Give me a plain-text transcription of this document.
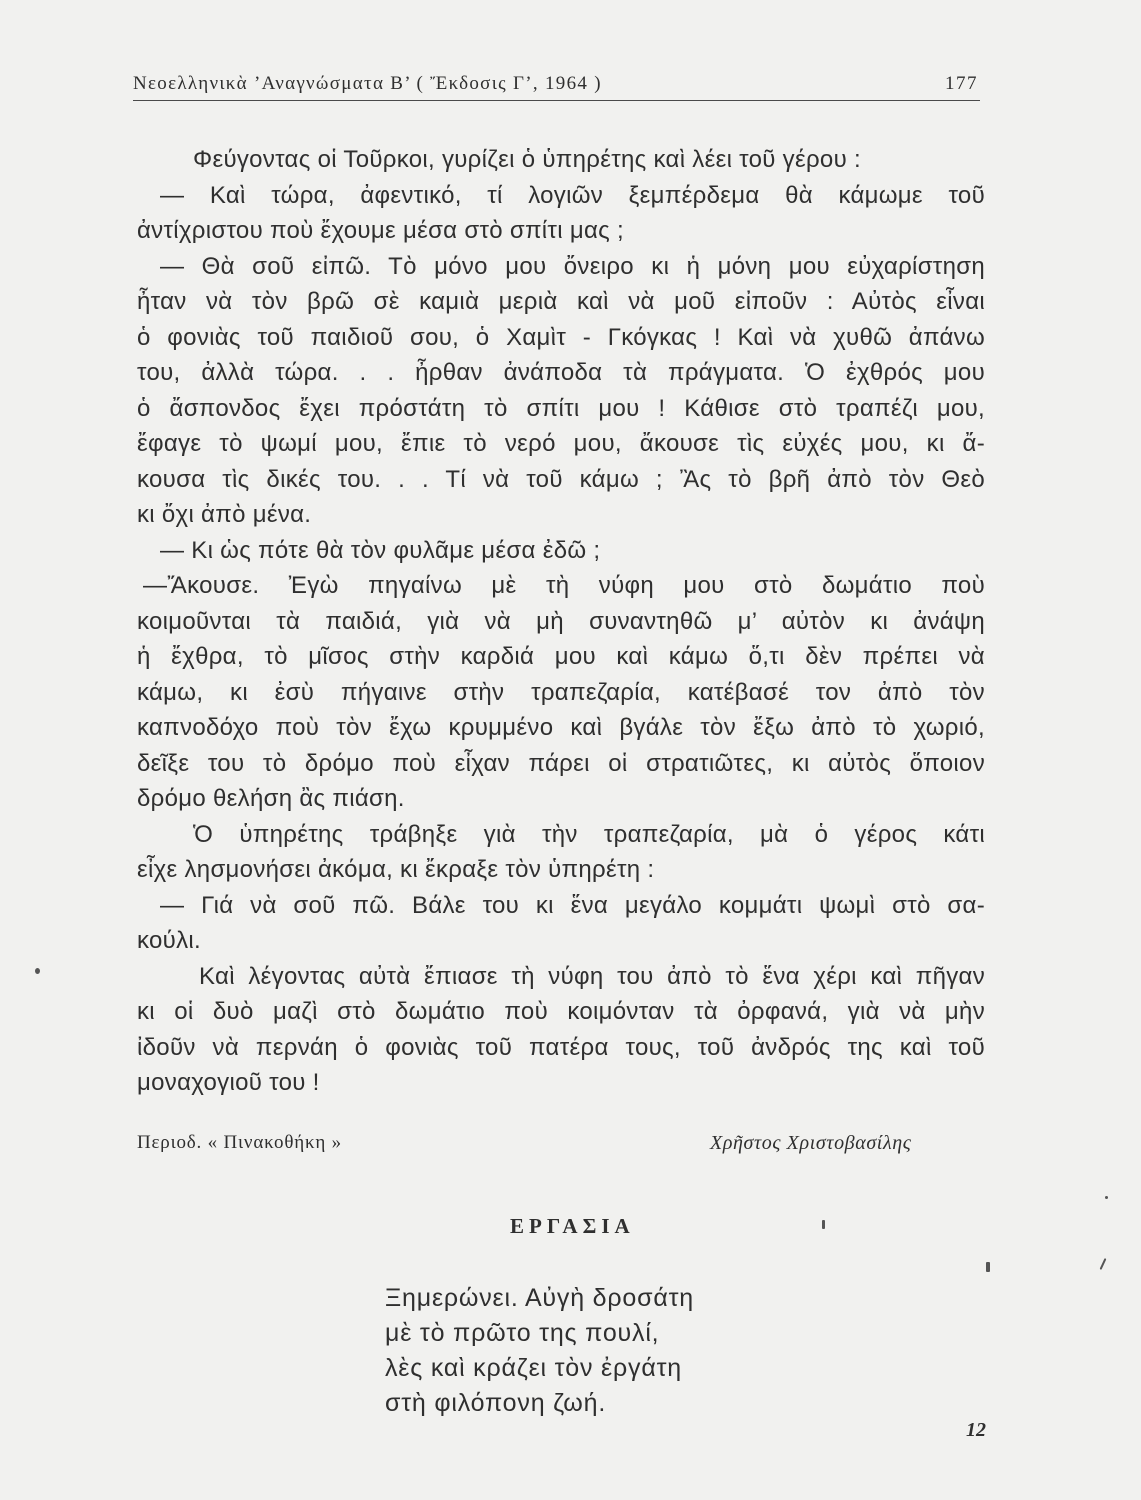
Νεοελληνικὰ ’Αναγνώσματα Β’ ( Ἔκδοσις Γ’, 1964 )	177
Φεύγοντας οἱ Τοῦρκοι, γυρίζει ὁ ὑπηρέτης καὶ λέει τοῦ γέρου :
— Καὶ τώρα, ἀφεντικό, τί λογιῶν ξεμπέρδεμα θὰ κάμωμε τοῦ
ἀντίχριστου ποὺ ἔχουμε μέσα στὸ σπίτι μας ;
— Θὰ σοῦ εἰπῶ. Τὸ μόνο μου ὄνειρο κι ἡ μόνη μου εὐχαρίστηση
ἦταν νὰ τὸν βρῶ σὲ καμιὰ μεριὰ καὶ νὰ μοῦ εἰποῦν : Αὐτὸς εἶναι
ὁ φονιὰς τοῦ παιδιοῦ σου, ὁ Χαμὶτ - Γκόγκας ! Καὶ νὰ χυθῶ ἀπάνω
του, ἀλλὰ τώρα. . . ἦρθαν ἀνάποδα τὰ πράγματα. Ὁ ἐχθρός μου
ὁ ἄσπονδος ἔχει πρόστάτη τὸ σπίτι μου ! Κάθισε στὸ τραπέζι μου,
ἔφαγε τὸ ψωμί μου, ἔπιε τὸ νερό μου, ἄκουσε τὶς εὐχές μου, κι ἄ-
κουσα τὶς δικές του. . . Τί νὰ τοῦ κάμω ; Ἂς τὸ βρῆ ἀπὸ τὸν Θεὸ
κι ὄχι ἀπὸ μένα.
— Κι ὡς πότε θὰ τὸν φυλᾶμε μέσα ἐδῶ ;
—Ἄκουσε. Ἐγὼ πηγαίνω μὲ τὴ νύφη μου στὸ δωμάτιο ποὺ
κοιμοῦνται τὰ παιδιά, γιὰ νὰ μὴ συναντηθῶ μ’ αὐτὸν κι ἀνάψη
ἡ ἔχθρα, τὸ μῖσος στὴν καρδιά μου καὶ κάμω ὅ,τι δὲν πρέπει νὰ
κάμω, κι ἐσὺ πήγαινε στὴν τραπεζαρία, κατέβασέ τον ἀπὸ τὸν
καπνοδόχο ποὺ τὸν ἔχω κρυμμένο καὶ βγάλε τὸν ἔξω ἀπὸ τὸ χωριό,
δεῖξε του τὸ δρόμο ποὺ εἶχαν πάρει οἱ στρατιῶτες, κι αὐτὸς ὅποιον
δρόμο θελήση ἂς πιάση.
Ὁ ὑπηρέτης τράβηξε γιὰ τὴν τραπεζαρία, μὰ ὁ γέρος κάτι
εἶχε λησμονήσει ἀκόμα, κι ἔκραξε τὸν ὑπηρέτη :
— Γιά νὰ σοῦ πῶ. Βάλε του κι ἕνα μεγάλο κομμάτι ψωμὶ στὸ σα-
κούλι.
Καὶ λέγοντας αὐτὰ ἔπιασε τὴ νύφη του ἀπὸ τὸ ἕνα χέρι καὶ πῆγαν
κι οἱ δυὸ μαζὶ στὸ δωμάτιο ποὺ κοιμόνταν τὰ ὀρφανά, γιὰ νὰ μὴν
ἰδοῦν νὰ περνάη ὁ φονιὰς τοῦ πατέρα τους, τοῦ ἀνδρός της καὶ τοῦ
μοναχογιοῦ του !
Περιοδ. « Πινακοθήκη »	Χρῆστος Χριστοβασίλης
ΕΡΓΑΣΙΑ
Ξημερώνει. Αὐγὴ δροσάτη
μὲ τὸ πρῶτο της πουλί,
λὲς καὶ κράζει τὸν ἐργάτη
στὴ φιλόπονη ζωή.
12
